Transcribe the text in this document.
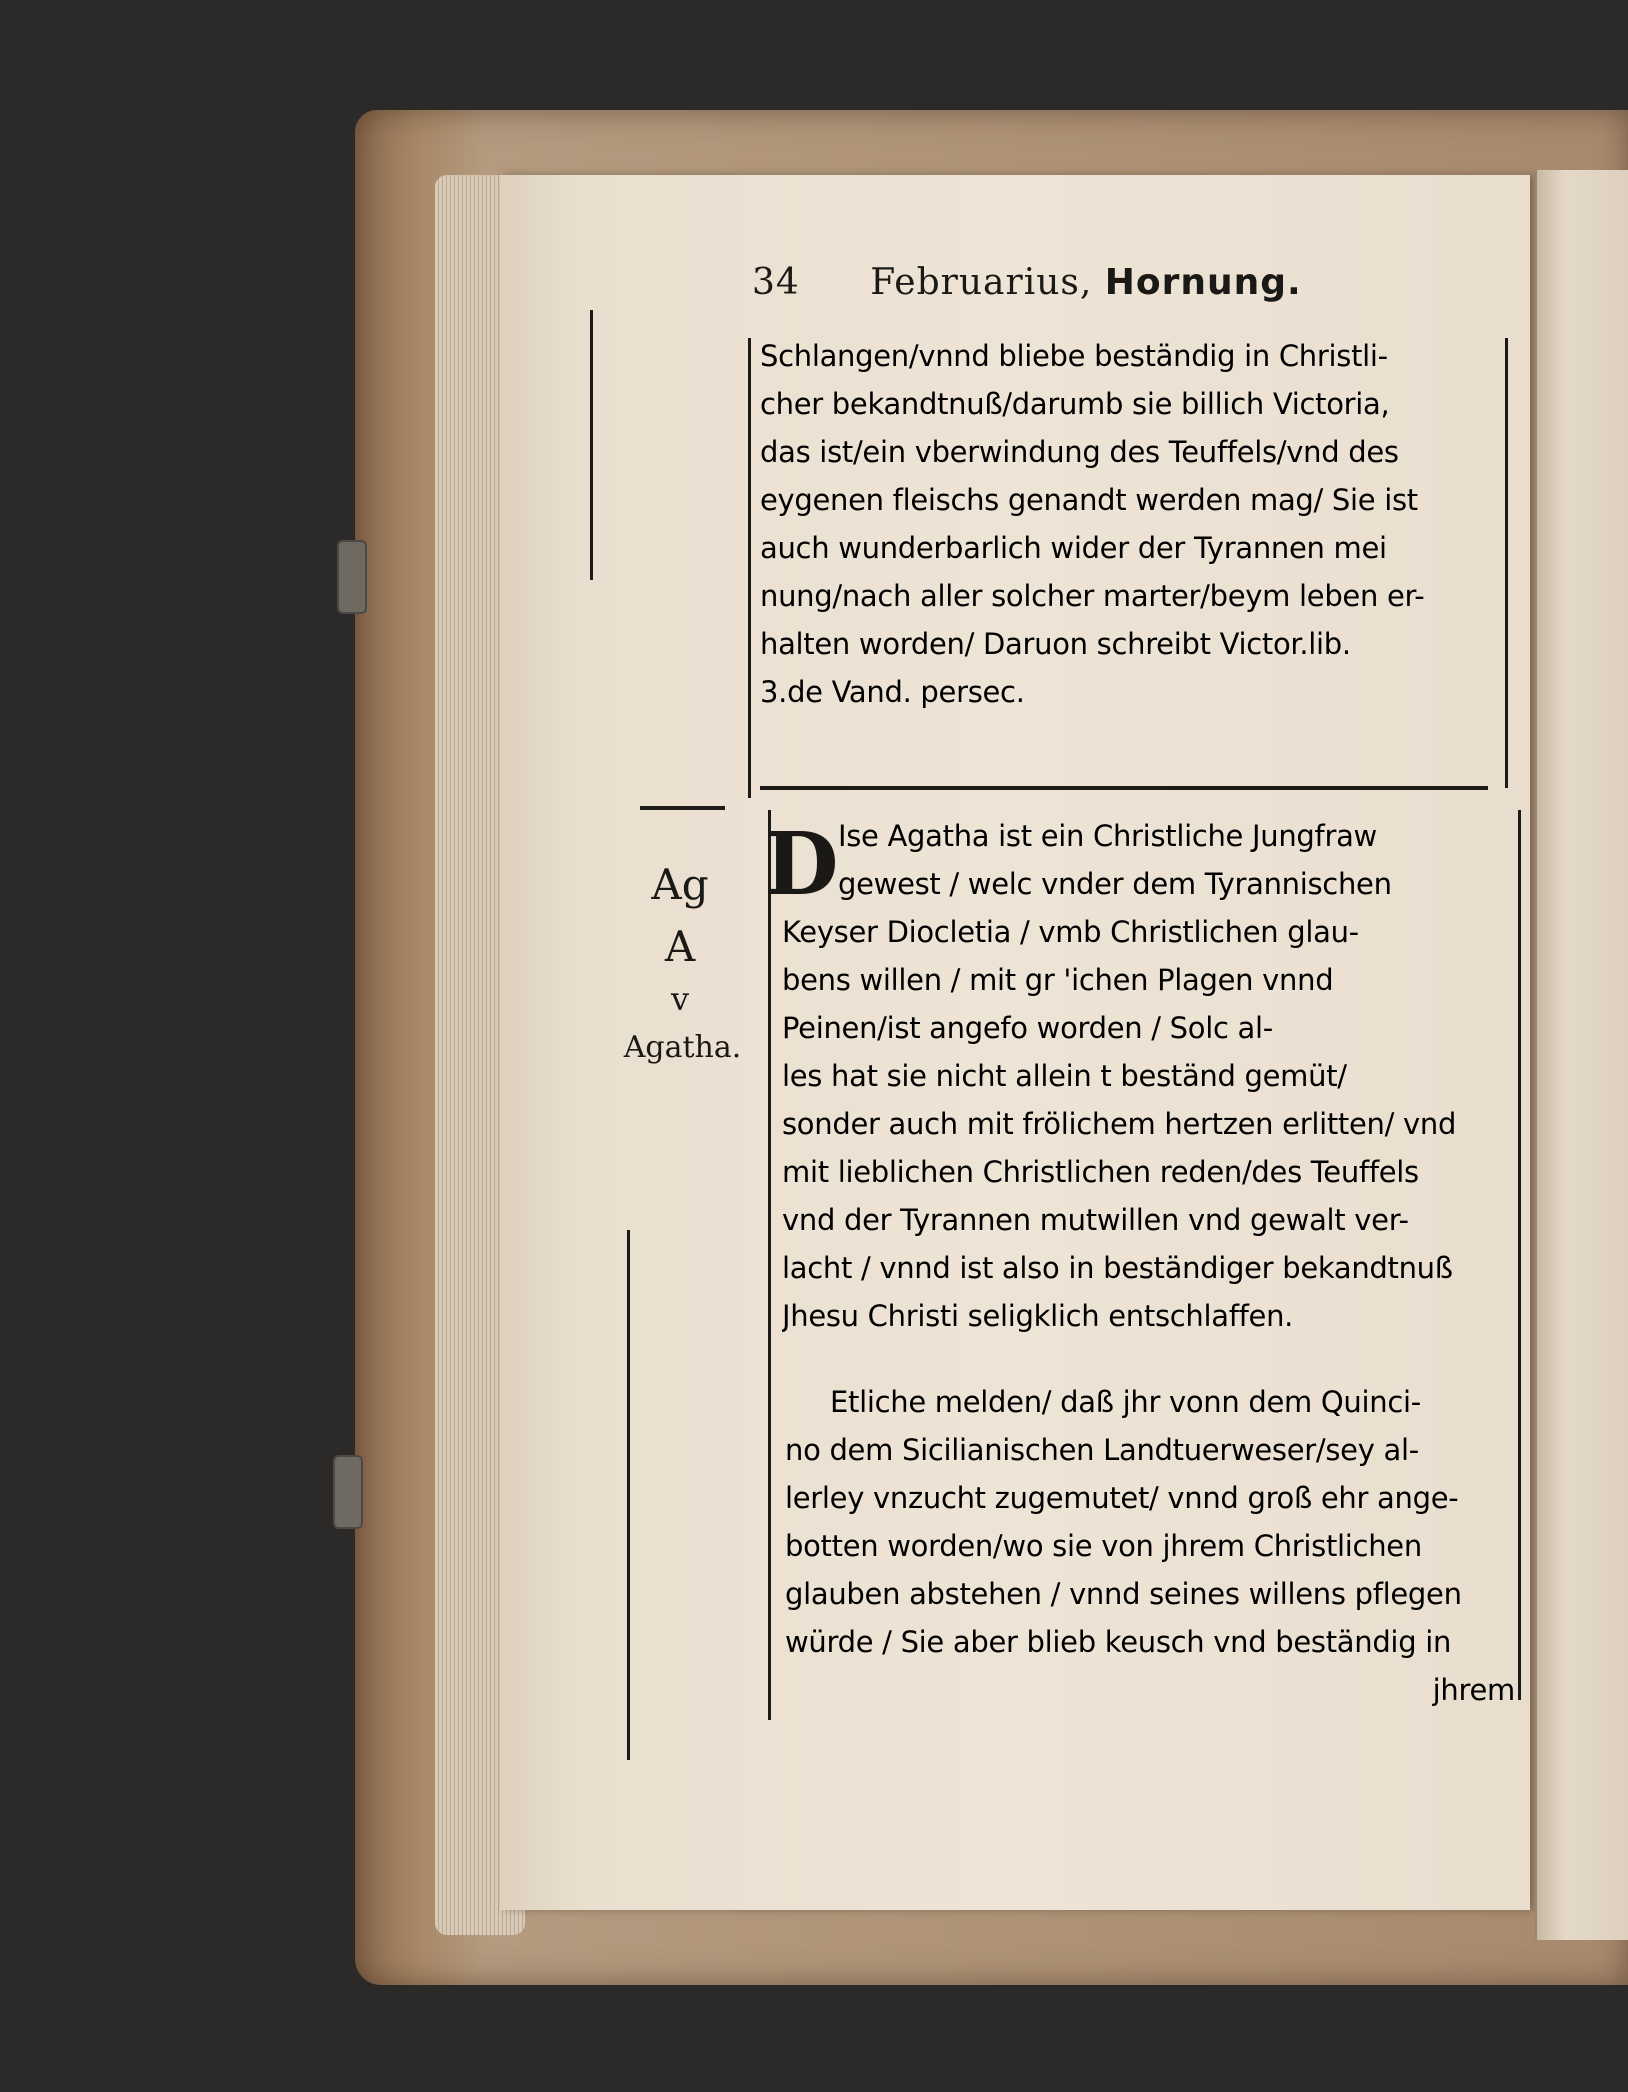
34 Februarius, Hornung.
Schlangen/vnnd bliebe beständig in Christli-
cher bekandtnuß/darumb sie billich Victoria,
das ist/ein vberwindung des Teuffels/vnd des
eygenen fleischs genandt werden mag/ Sie ist
auch wunderbarlich wider der Tyrannen mei
nung/nach aller solcher marter/beym leben er-
halten worden/ Daruon schreibt Victor.lib.
3.de Vand. persec.
Ag
A
v
Agatha.
D Ise Agatha ist ein Christliche Jungfraw
gewest / welc vnder dem Tyrannischen
Keyser Diocletia / vmb Christlichen glau-
bens willen / mit gr 'ichen Plagen vnnd
Peinen/ist angefo worden / Solc al-
les hat sie nicht allein t beständ gemüt/
sonder auch mit frölichem hertzen erlitten/ vnd
mit lieblichen Christlichen reden/des Teuffels
vnd der Tyrannen mutwillen vnd gewalt ver-
lacht / vnnd ist also in beständiger bekandtnuß
Jhesu Christi seligklich entschlaffen.
Etliche melden/ daß jhr vonn dem Quinci-
no dem Sicilianischen Landtuerweser/sey al-
lerley vnzucht zugemutet/ vnnd groß ehr ange-
botten worden/wo sie von jhrem Christlichen
glauben abstehen / vnnd seines willens pflegen
würde / Sie aber blieb keusch vnd beständig in
jhrem
